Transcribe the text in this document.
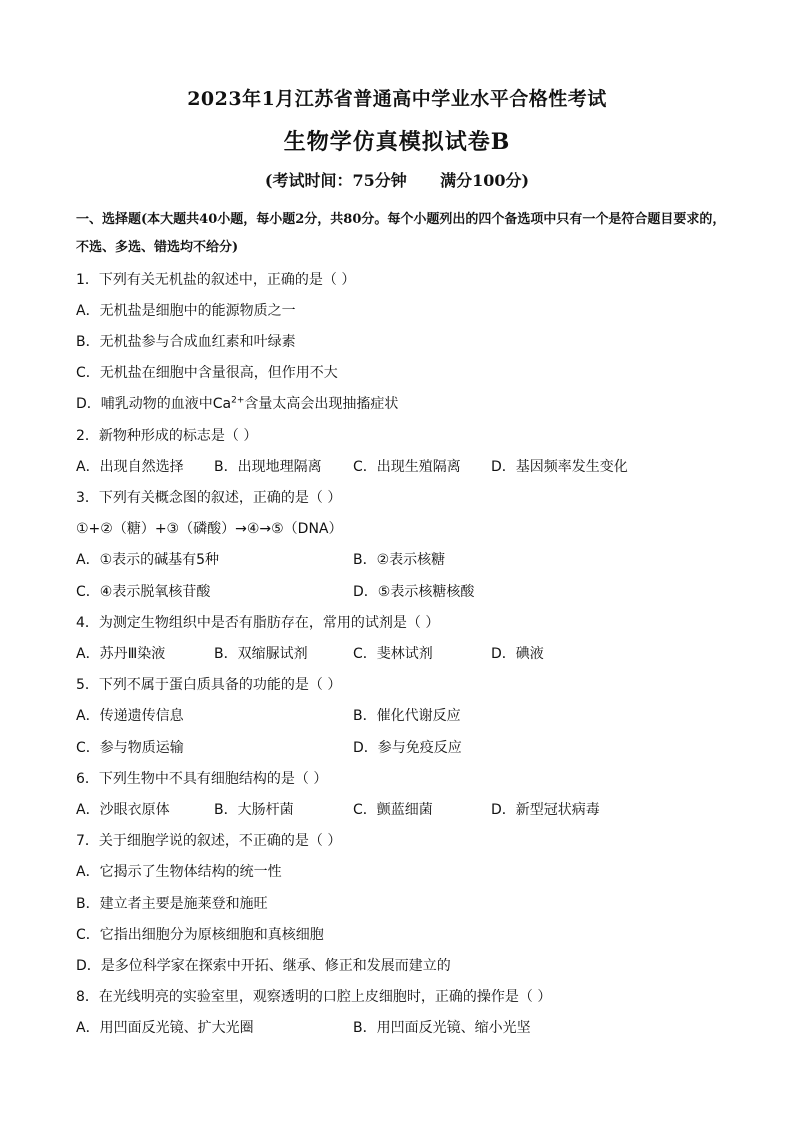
2023年1月江苏省普通高中学业水平合格性考试
生物学仿真模拟试卷B
(考试时间：75分钟      满分100分)
一、选择题(本大题共40小题，每小题2分，共80分。每个小题列出的四个备选项中只有一个是符合题目要求的，不选、多选、错选均不给分)
1．下列有关无机盐的叙述中，正确的是（ ）
A．无机盐是细胞中的能源物质之一
B．无机盐参与合成血红素和叶绿素
C．无机盐在细胞中含量很高，但作用不大
D．哺乳动物的血液中$Ca^{2+}$含量太高会出现抽搐症状
2．新物种形成的标志是（ ）
A．出现自然选择 B．出现地理隔离 C．出现生殖隔离 D．基因频率发生变化
3．下列有关概念图的叙述，正确的是（ ）
①+②（糖）+③（磷酸）→④→⑤（DNA）
A．①表示的碱基有5种	B．②表示核糖
C．④表示脱氧核苷酸	D．⑤表示核糖核酸
4．为测定生物组织中是否有脂肪存在，常用的试剂是（ ）
A．苏丹Ⅲ染液	B．双缩脲试剂	C．斐林试剂	D．碘液
5．下列不属于蛋白质具备的功能的是（ ）
A．传递遗传信息	B．催化代谢反应
C．参与物质运输	D．参与免疫反应
6．下列生物中不具有细胞结构的是（ ）
A．沙眼衣原体	B．大肠杆菌	C．颤蓝细菌	D．新型冠状病毒
7．关于细胞学说的叙述，不正确的是（ ）
A．它揭示了生物体结构的统一性
B．建立者主要是施莱登和施旺
C．它指出细胞分为原核细胞和真核细胞
D．是多位科学家在探索中开拓、继承、修正和发展而建立的
8．在光线明亮的实验室里，观察透明的口腔上皮细胞时，正确的操作是（ ）
A．用凹面反光镜、扩大光圈	B．用凹面反光镜、缩小光坚
